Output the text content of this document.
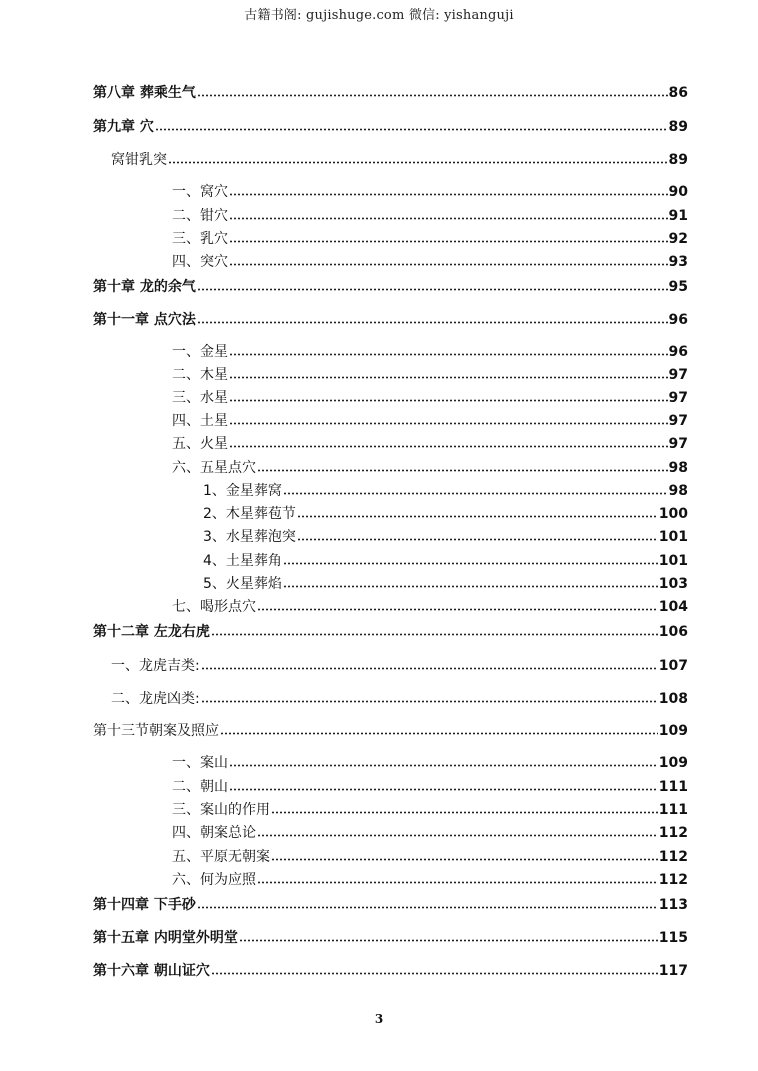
古籍书阁: gujishuge.com 微信: yishanguji
第八章 葬乘生气	86
第九章 穴	89
窝钳乳突	89
一、窝穴	90
二、钳穴	91
三、乳穴	92
四、突穴	93
第十章 龙的余气	95
第十一章 点穴法	96
一、金星	96
二、木星	97
三、水星	97
四、土星	97
五、火星	97
六、五星点穴	98
1、金星葬窝	98
2、木星葬苞节	100
3、水星葬泡突	101
4、土星葬角	101
5、火星葬焰	103
七、喝形点穴	104
第十二章 左龙右虎	106
一、龙虎吉类:	107
二、龙虎凶类:	108
第十三节朝案及照应	109
一、案山	109
二、朝山	111
三、案山的作用	111
四、朝案总论	112
五、平原无朝案	112
六、何为应照	112
第十四章 下手砂	113
第十五章 内明堂外明堂	115
第十六章 朝山证穴	117
3
